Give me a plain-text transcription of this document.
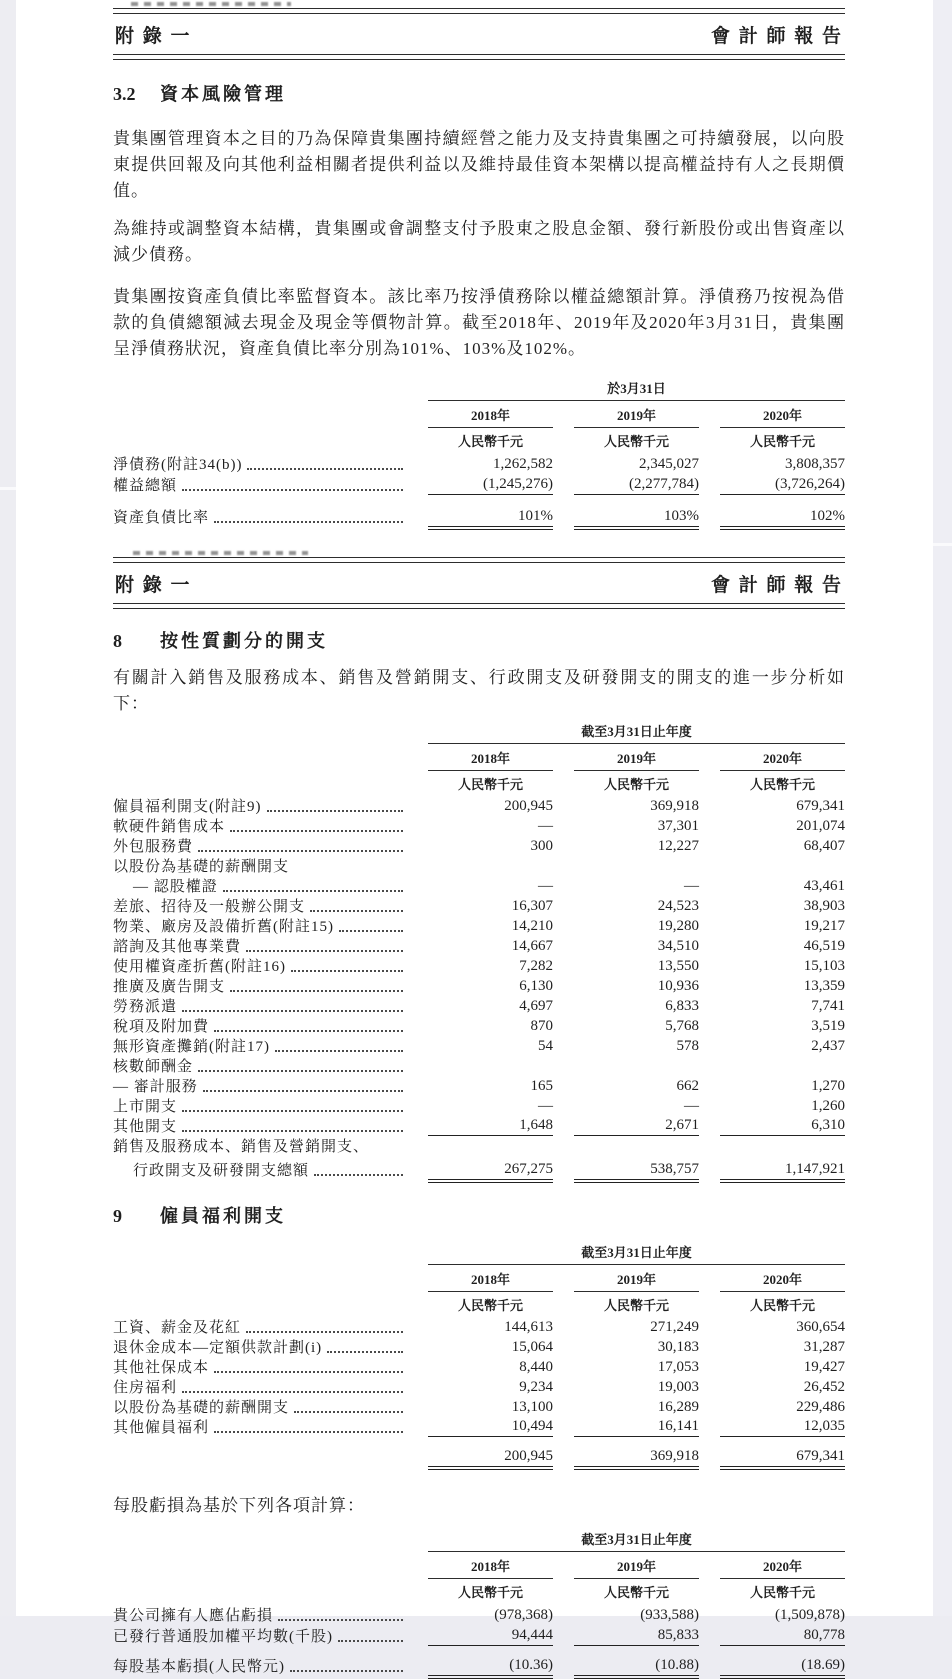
附 錄 一	會 計 師 報 告
3.2	資本風險管理

貴集團管理資本之目的乃為保障貴集團持續經營之能力及支持貴集團之可持續發展，以向股東提供回報及向其他利益相關者提供利益以及維持最佳資本架構以提高權益持有人之長期價值。

為維持或調整資本結構，貴集團或會調整支付予股東之股息金額、發行新股份或出售資產以減少債務。

貴集團按資產負債比率監督資本。該比率乃按淨債務除以權益總額計算。淨債務乃按視為借款的負債總額減去現金及現金等價物計算。截至2018年、2019年及2020年3月31日，貴集團呈淨債務狀況，資產負債比率分別為101%、103%及102%。

於3月31日
2018年	2019年	2020年
人民幣千元	人民幣千元	人民幣千元
淨債務(附註34(b))	1,262,582	2,345,027	3,808,357
權益總額	(1,245,276)	(2,277,784)	(3,726,264)
資產負債比率	101%	103%	102%
附 錄 一	會 計 師 報 告
8	按性質劃分的開支

有關計入銷售及服務成本、銷售及營銷開支、行政開支及研發開支的開支的進一步分析如下：

截至3月31日止年度
2018年	2019年	2020年
人民幣千元	人民幣千元	人民幣千元
僱員福利開支(附註9)	200,945	369,918	679,341
軟硬件銷售成本	—	37,301	201,074
外包服務費	300	12,227	68,407
以股份為基礎的薪酬開支
— 認股權證	—	—	43,461
差旅、招待及一般辦公開支	16,307	24,523	38,903
物業、廠房及設備折舊(附註15)	14,210	19,280	19,217
諮詢及其他專業費	14,667	34,510	46,519
使用權資產折舊(附註16)	7,282	13,550	15,103
推廣及廣告開支	6,130	10,936	13,359
勞務派遣	4,697	6,833	7,741
稅項及附加費	870	5,768	3,519
無形資產攤銷(附註17)	54	578	2,437
核數師酬金
— 審計服務	165	662	1,270
上市開支	—	—	1,260
其他開支	1,648	2,671	6,310
銷售及服務成本、銷售及營銷開支、
行政開支及研發開支總額	267,275	538,757	1,147,921
9	僱員福利開支
截至3月31日止年度
2018年	2019年	2020年
人民幣千元	人民幣千元	人民幣千元
工資、薪金及花紅	144,613	271,249	360,654
退休金成本—定額供款計劃(i)	15,064	30,183	31,287
其他社保成本	8,440	17,053	19,427
住房福利	9,234	19,003	26,452
以股份為基礎的薪酬開支	13,100	16,289	229,486
其他僱員福利	10,494	16,141	12,035
200,945	369,918	679,341

每股虧損為基於下列各項計算：

截至3月31日止年度
2018年	2019年	2020年
人民幣千元	人民幣千元	人民幣千元
貴公司擁有人應佔虧損	(978,368)	(933,588)	(1,509,878)
已發行普通股加權平均數(千股)	94,444	85,833	80,778
每股基本虧損(人民幣元)	(10.36)	(10.88)	(18.69)
